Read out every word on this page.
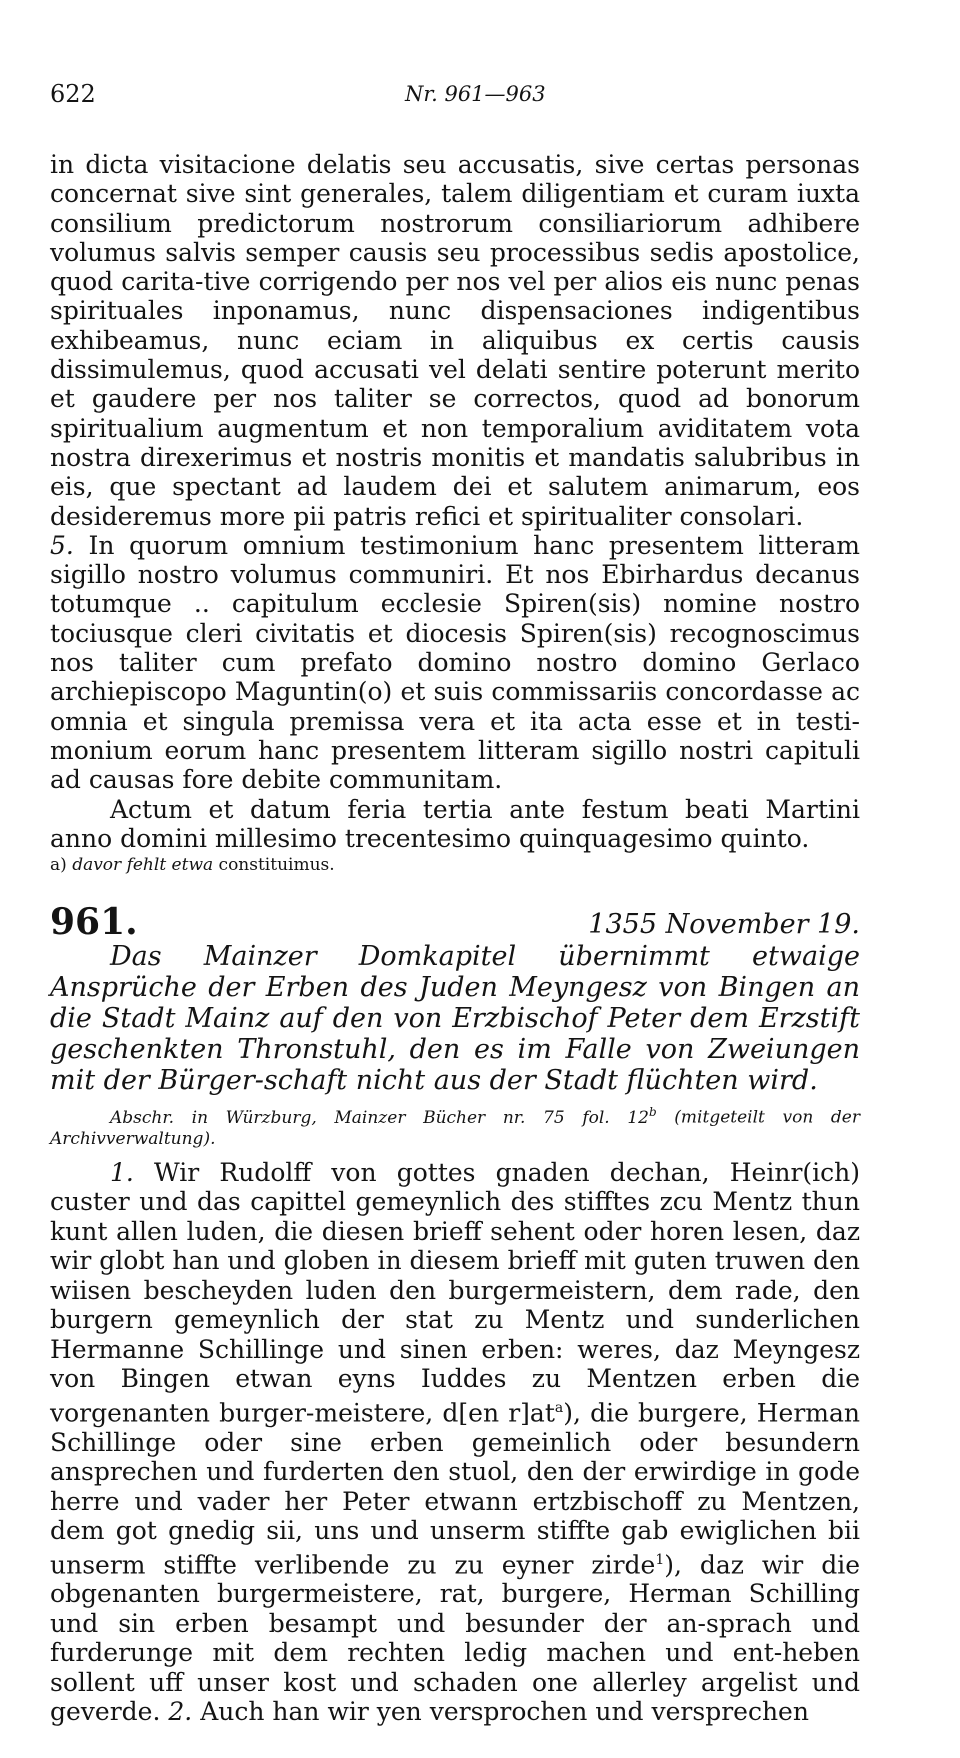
622	Nr. 961—963

in dicta visitacione delatis seu accusatis, sive certas personas concernat sive sint generales, talem diligentiam et curam iuxta consilium predictorum nostrorum consiliariorum adhibere volumus salvis semper causis seu processibus sedis apostolice, quod carita-tive corrigendo per nos vel per alios eis nunc penas spirituales inponamus, nunc dispensaciones indigentibus exhibeamus, nunc eciam in aliquibus ex certis causis dissimulemus, quod accusati vel delati sentire poterunt merito et gaudere per nos taliter se correctos, quod ad bonorum spiritualium augmentum et non temporalium aviditatem vota nostra direxerimus et nostris monitis et mandatis salubribus in eis, que spectant ad laudem dei et salutem animarum, eos desideremus more pii patris refici et spiritualiter consolari.

5. In quorum omnium testimonium hanc presentem litteram sigillo nostro volumus communiri. Et nos Ebirhardus decanus totumque .. capitulum ecclesie Spiren(sis) nomine nostro tociusque cleri civitatis et diocesis Spiren(sis) recognoscimus nos taliter cum prefato domino nostro domino Gerlaco archiepiscopo Maguntin(o) et suis commissariis concordasse ac omnia et singula premissa vera et ita acta esse et in testi-monium eorum hanc presentem litteram sigillo nostri capituli ad causas fore debite communitam.

Actum et datum feria tertia ante festum beati Martini anno domini millesimo trecentesimo quinquagesimo quinto.

a) davor fehlt etwa constituimus.
961.	1355 November 19.

Das Mainzer Domkapitel übernimmt etwaige Ansprüche der Erben des Juden Meyngesz von Bingen an die Stadt Mainz auf den von Erzbischof Peter dem Erzstift geschenkten Thronstuhl, den es im Falle von Zweiungen mit der Bürger-schaft nicht aus der Stadt flüchten wird.

Abschr. in Würzburg, Mainzer Bücher nr. 75 fol. 12$^b$ (mitgeteilt von der Archivverwaltung).

1. Wir Rudolff von gottes gnaden dechan, Heinr(ich) custer und das capittel gemeynlich des stifftes zcu Mentz thun kunt allen luden, die diesen brieff sehent oder horen lesen, daz wir globt han und globen in diesem brieff mit guten truwen den wiisen bescheyden luden den burgermeistern, dem rade, den burgern gemeynlich der stat zu Mentz und sunderlichen Hermanne Schillinge und sinen erben: weres, daz Meyngesz von Bingen etwan eyns Iuddes zu Mentzen erben die vorgenanten burger-meistere, d[en $r]at^a$), die burgere, Herman Schillinge oder sine erben gemeinlich oder besundern ansprechen und furderten den stuol, den der erwirdige in gode herre und vader her Peter etwann ertzbischoff zu Mentzen, dem got gnedig sii, uns und unserm stiffte gab ewiglichen bii unserm stiffte verlibende zu zu eyner zirde$^1$), daz wir die obgenanten burgermeistere, rat, burgere, Herman Schilling und sin erben besampt und besunder der an-sprach und furderunge mit dem rechten ledig machen und ent-heben sollent uff unser kost und schaden one allerley argelist und geverde. 2. Auch han wir yen versprochen und versprechen
